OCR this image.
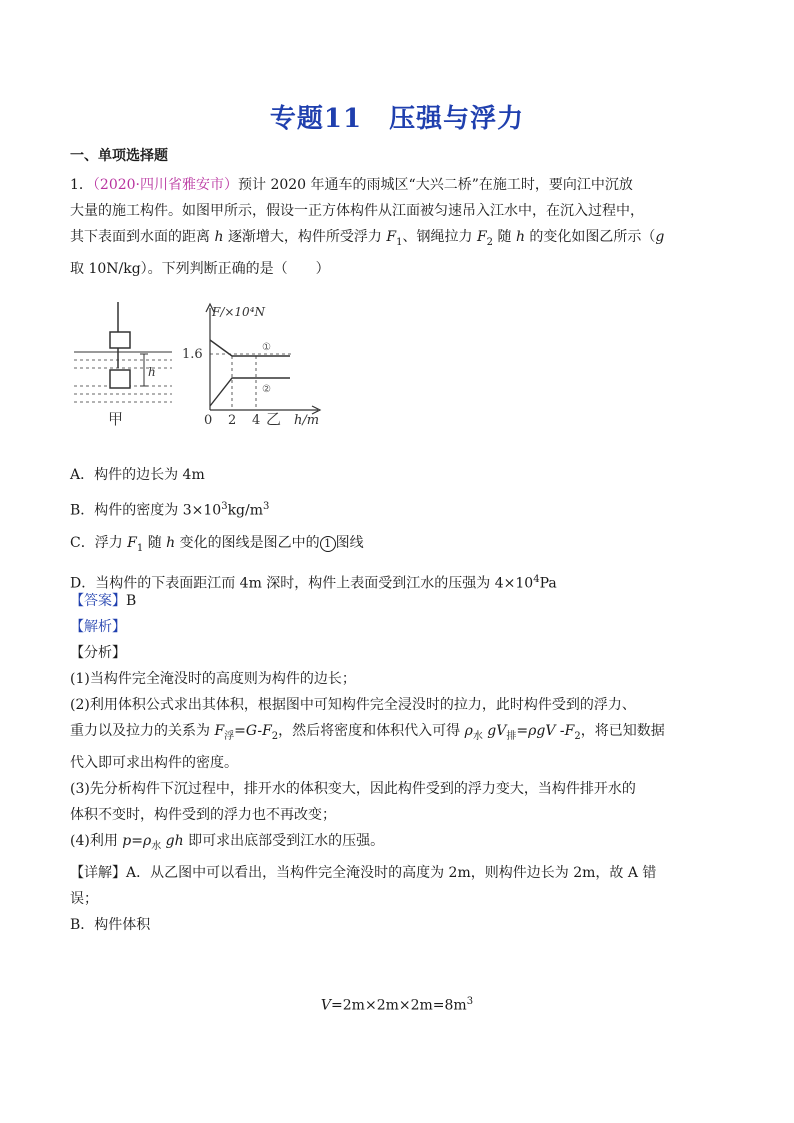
专题11　压强与浮力
一、单项选择题
1．（2020·四川省雅安市）预计 2020 年通车的雨城区“大兴二桥”在施工时，要向江中沉放
大量的施工构件。如图甲所示，假设一正方体构件从江面被匀速吊入江水中，在沉入过程中，
其下表面到水面的距离 h 逐渐增大，构件所受浮力 $F_1$、钢绳拉力 $F_2$ 随 h 的变化如图乙所示（g
取 10N/kg）。下列判断正确的是（　　）
h
甲
F/×10⁴N
1.6	①
②
0 2 4	h/m
乙
A．构件的边长为 4m
B．构件的密度为 $3\times 10^3kg/m^3$
C．浮力 $F_1$ 随 h 变化的图线是图乙中的 1 图线
D．当构件的下表面距江而 4m 深时，构件上表面受到江水的压强为 $4\times 10^4Pa$
【答案】B
【解析】
【分析】
(1)当构件完全淹没时的高度则为构件的边长；
(2)利用体积公式求出其体积，根据图中可知构件完全浸没时的拉力，此时构件受到的浮力、
重力以及拉力的关系为 $F_浮=G-F_2$，然后将密度和体积代入可得 $\rho_水$ $gV_排=\rho gV$ $-F_2$，将已知数据
代入即可求出构件的密度。
(3)先分析构件下沉过程中，排开水的体积变大，因此构件受到的浮力变大，当构件排开水的
体积不变时，构件受到的浮力也不再改变；
(4)利用 $p=\rho_水$ gh 即可求出底部受到江水的压强。
【详解】A．从乙图中可以看出，当构件完全淹没时的高度为 2m，则构件边长为 2m，故 A 错
误；
B．构件体积
$V=2m\times 2m\times 2m=8m^3$
